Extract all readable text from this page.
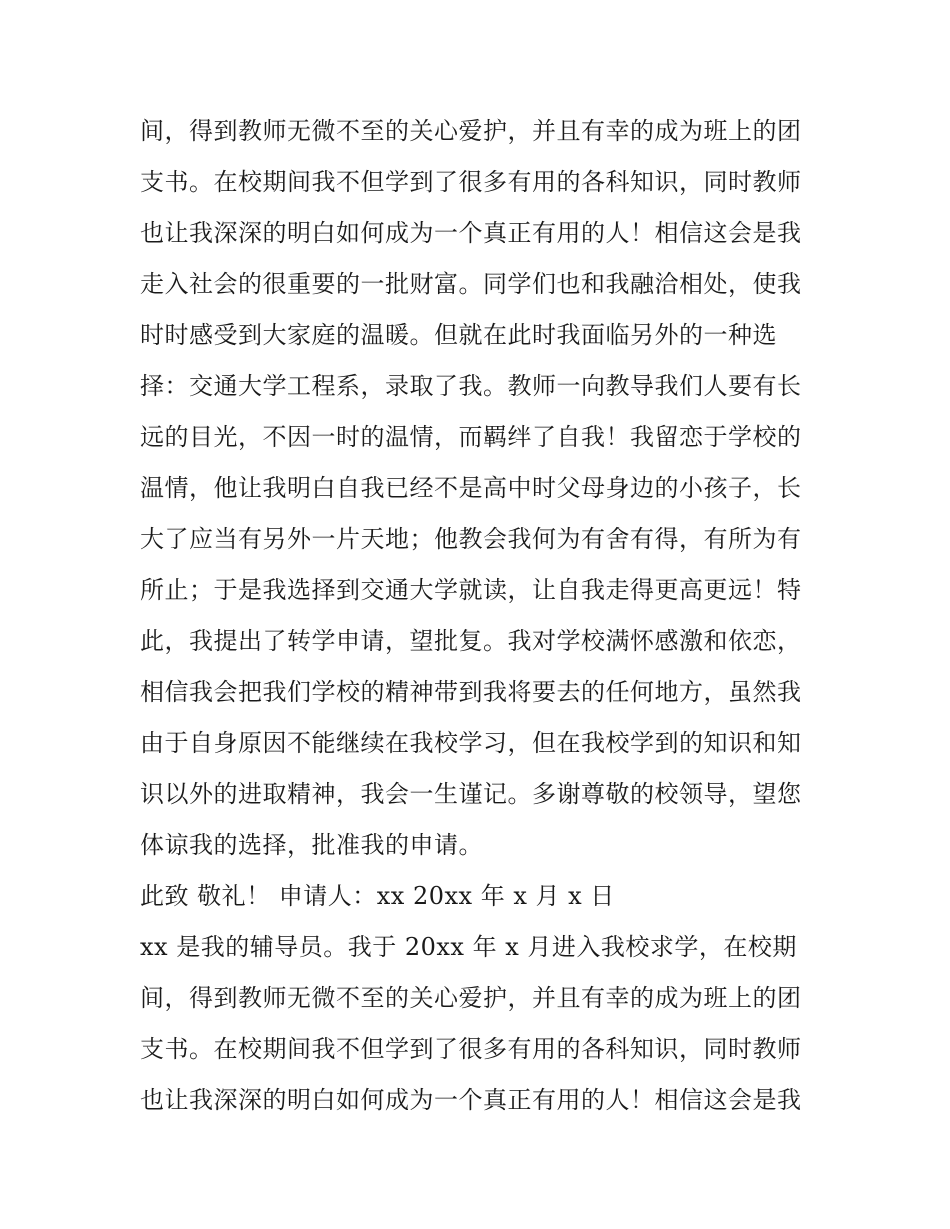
间，得到教师无微不至的关心爱护，并且有幸的成为班上的团
支书。在校期间我不但学到了很多有用的各科知识，同时教师
也让我深深的明白如何成为一个真正有用的人！相信这会是我
走入社会的很重要的一批财富。同学们也和我融洽相处，使我
时时感受到大家庭的温暖。但就在此时我面临另外的一种选
择：交通大学工程系，录取了我。教师一向教导我们人要有长
远的目光，不因一时的温情，而羁绊了自我！我留恋于学校的
温情，他让我明白自我已经不是高中时父母身边的小孩子，长
大了应当有另外一片天地；他教会我何为有舍有得，有所为有
所止；于是我选择到交通大学就读，让自我走得更高更远！特
此，我提出了转学申请，望批复。我对学校满怀感激和依恋，
相信我会把我们学校的精神带到我将要去的任何地方，虽然我
由于自身原因不能继续在我校学习，但在我校学到的知识和知
识以外的进取精神，我会一生谨记。多谢尊敬的校领导，望您
体谅我的选择，批准我的申请。
此致 敬礼！ 申请人：xx 20xx 年 x 月 x 日
xx 是我的辅导员。我于 20xx 年 x 月进入我校求学，在校期
间，得到教师无微不至的关心爱护，并且有幸的成为班上的团
支书。在校期间我不但学到了很多有用的各科知识，同时教师
也让我深深的明白如何成为一个真正有用的人！相信这会是我
